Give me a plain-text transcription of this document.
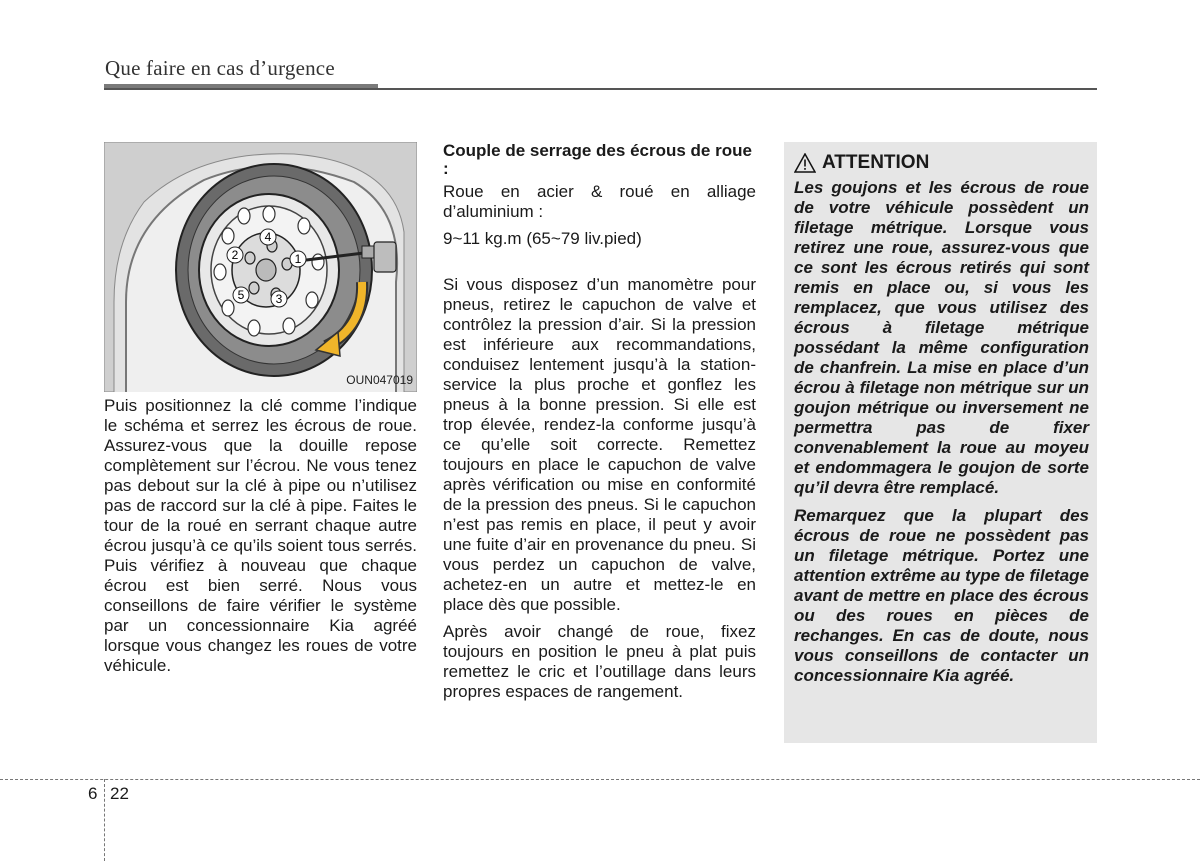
Que faire en cas d’urgence
1
2
3
4
5
OUN047019

Puis positionnez la clé comme l’indique le schéma et serrez les écrous de roue. Assurez-vous que la douille repose complètement sur l’écrou. Ne vous tenez pas debout sur la clé à pipe ou n’utilisez pas de raccord sur la clé à pipe. Faites le tour de la roué en serrant chaque autre écrou jusqu’à ce qu’ils soient tous serrés. Puis vérifiez à nouveau que chaque écrou est bien serré. Nous vous conseillons de faire vérifier le système par un concessionnaire Kia agréé lorsque vous changez les roues de votre véhicule.

Couple de serrage des écrous de roue :

Roue en acier & roué en alliage d’aluminium :

9~11 kg.m (65~79 liv.pied)

Si vous disposez d’un manomètre pour pneus, retirez le capuchon de valve et contrôlez la pression d’air. Si la pression est inférieure aux recommandations, conduisez lentement jusqu’à la station-service la plus proche et gonflez les pneus à la bonne pression. Si elle est trop élevée, rendez-la conforme jusqu’à ce qu’elle soit correcte. Remettez toujours en place le capuchon de valve après vérification ou mise en conformité de la pression des pneus. Si le capuchon n’est pas remis en place, il peut y avoir une fuite d’air en provenance du pneu. Si vous perdez un capuchon de valve, achetez-en un autre et mettez-le en place dès que possible.

Après avoir changé de roue, fixez toujours en position le pneu à plat puis remettez le cric et l’outillage dans leurs propres espaces de rangement.

ATTENTION

Les goujons et les écrous de roue de votre véhicule possèdent un filetage métrique. Lorsque vous retirez une roue, assurez-vous que ce sont les écrous retirés qui sont remis en place ou, si vous les remplacez, que vous utilisez des écrous à filetage métrique possédant la même configuration de chanfrein. La mise en place d’un écrou à filetage non métrique sur un goujon métrique ou inversement ne permettra pas de fixer convenablement la roue au moyeu et endommagera le goujon de sorte qu’il devra être remplacé.

Remarquez que la plupart des écrous de roue ne possèdent pas un filetage métrique. Portez une attention extrême au type de filetage avant de mettre en place des écrous ou des roues en pièces de rechanges. En cas de doute, nous vous conseillons de contacter un concessionnaire Kia agréé.

6 22
